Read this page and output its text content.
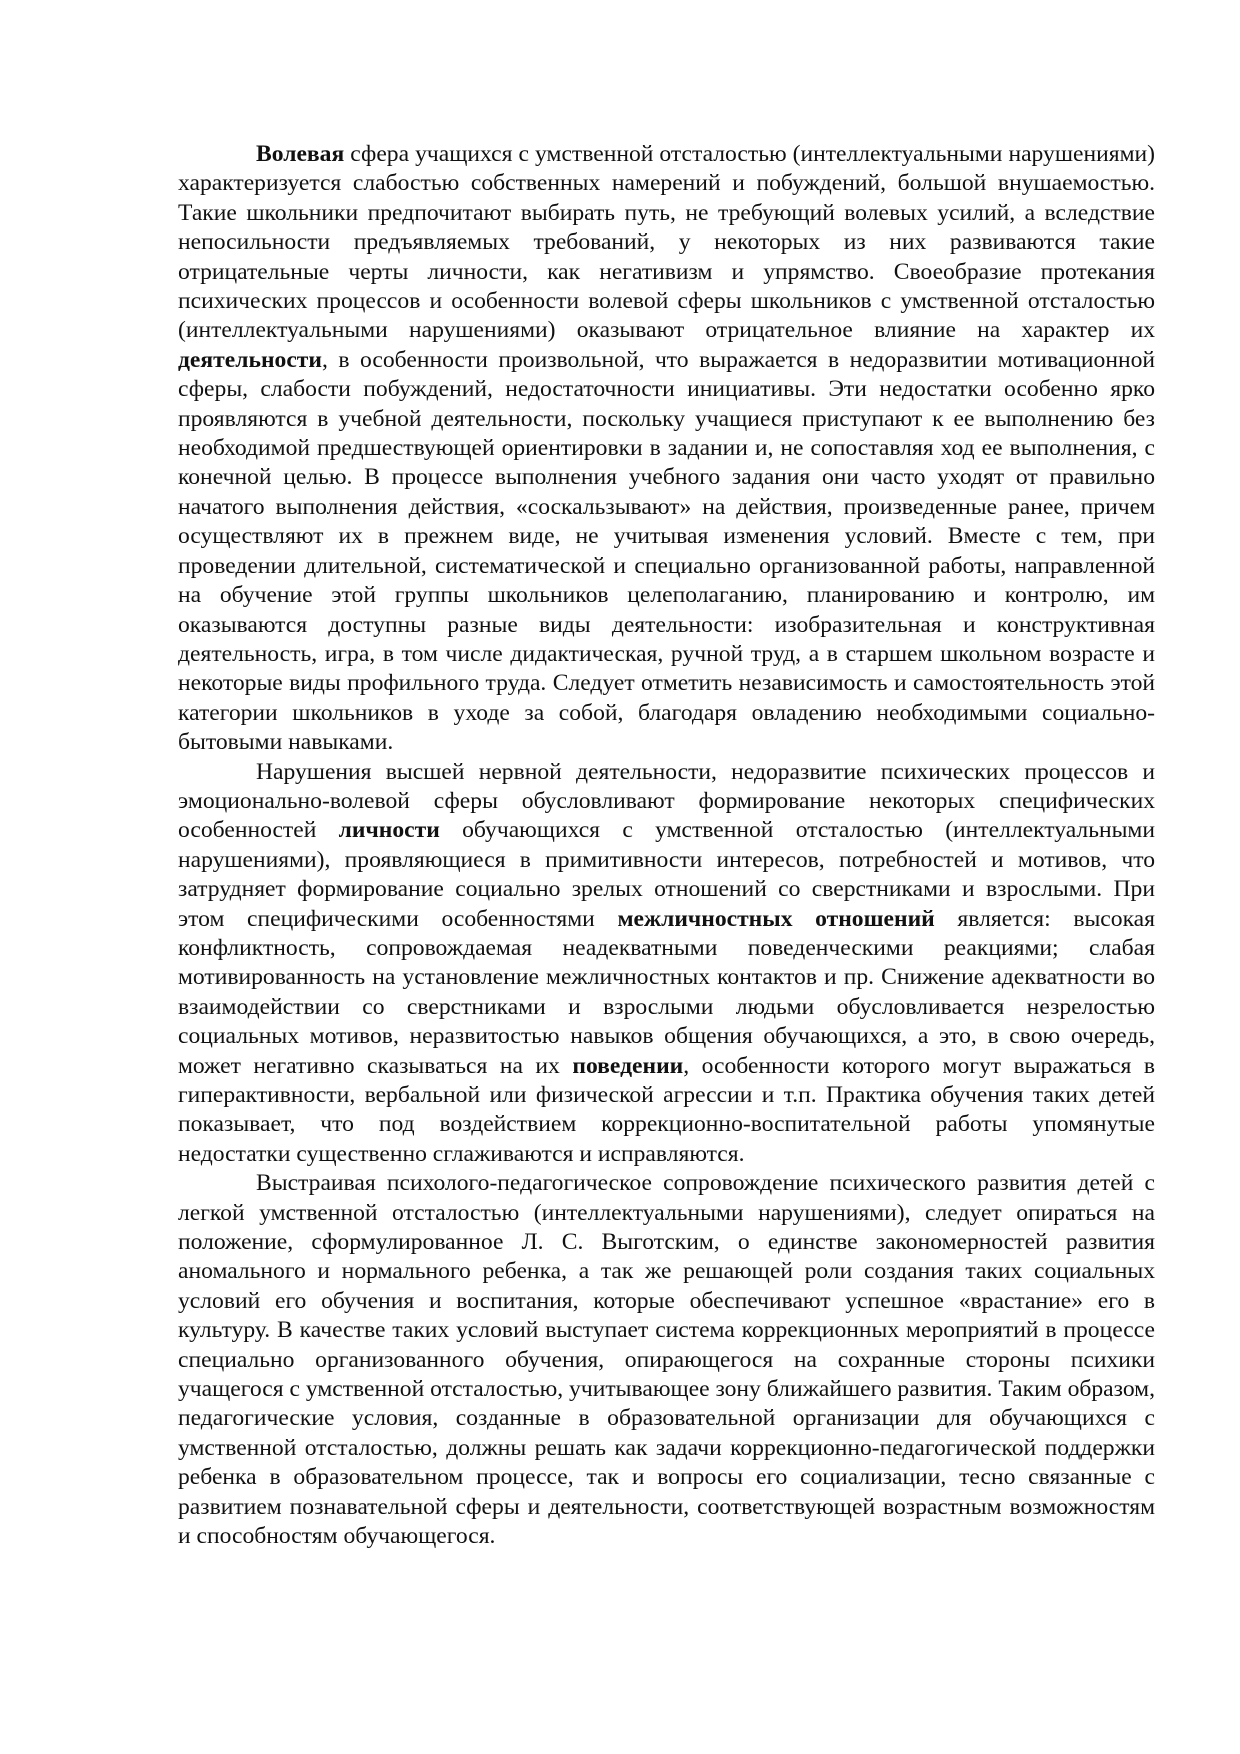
Волевая сфера учащихся с умственной отсталостью (интеллектуальными нарушениями) характеризуется слабостью собственных намерений и побуждений, большой внушаемостью. Такие школьники предпочитают выбирать путь, не требующий волевых усилий, а вследствие непосильности предъявляемых требований, у некоторых из них развиваются такие отрицательные черты личности, как негативизм и упрямство. Своеобразие протекания психических процессов и особенности волевой сферы школьников с умственной отсталостью (интеллектуальными нарушениями) оказывают отрицательное влияние на характер их деятельности, в особенности произвольной, что выражается в недоразвитии мотивационной сферы, слабости побуждений, недостаточности инициативы. Эти недостатки особенно ярко проявляются в учебной деятельности, поскольку учащиеся приступают к ее выполнению без необходимой предшествующей ориентировки в задании и, не сопоставляя ход ее выполнения, с конечной целью. В процессе выполнения учебного задания они часто уходят от правильно начатого выполнения действия, «соскальзывают» на действия, произведенные ранее, причем осуществляют их в прежнем виде, не учитывая изменения условий. Вместе с тем, при проведении длительной, систематической и специально организованной работы, направленной на обучение этой группы школьников целеполаганию, планированию и контролю, им оказываются доступны разные виды деятельности: изобразительная и конструктивная деятельность, игра, в том числе дидактическая, ручной труд, а в старшем школьном возрасте и некоторые виды профильного труда. Следует отметить независимость и самостоятельность этой категории школьников в уходе за собой, благодаря овладению необходимыми социально-бытовыми навыками.

Нарушения высшей нервной деятельности, недоразвитие психических процессов и эмоционально-волевой сферы обусловливают формирование некоторых специфических особенностей личности обучающихся с умственной отсталостью (интеллектуальными нарушениями), проявляющиеся в примитивности интересов, потребностей и мотивов, что затрудняет формирование социально зрелых отношений со сверстниками и взрослыми. При этом специфическими особенностями межличностных отношений является: высокая конфликтность, сопровождаемая неадекватными поведенческими реакциями; слабая мотивированность на установление межличностных контактов и пр. Снижение адекватности во взаимодействии со сверстниками и взрослыми людьми обусловливается незрелостью социальных мотивов, неразвитостью навыков общения обучающихся, а это, в свою очередь, может негативно сказываться на их поведении, особенности которого могут выражаться в гиперактивности, вербальной или физической агрессии и т.п. Практика обучения таких детей показывает, что под воздействием коррекционно-воспитательной работы упомянутые недостатки существенно сглаживаются и исправляются.

Выстраивая психолого-педагогическое сопровождение психического развития детей с легкой умственной отсталостью (интеллектуальными нарушениями), следует опираться на положение, сформулированное Л. С. Выготским, о единстве закономерностей развития аномального и нормального ребенка, а так же решающей роли создания таких социальных условий его обучения и воспитания, которые обеспечивают успешное «врастание» его в культуру. В качестве таких условий выступает система коррекционных мероприятий в процессе специально организованного обучения, опирающегося на сохранные стороны психики учащегося с умственной отсталостью, учитывающее зону ближайшего развития. Таким образом, педагогические условия, созданные в образовательной организации для обучающихся с умственной отсталостью, должны решать как задачи коррекционно-педагогической поддержки ребенка в образовательном процессе, так и вопросы его социализации, тесно связанные с развитием познавательной сферы и деятельности, соответствующей возрастным возможностям и способностям обучающегося.
